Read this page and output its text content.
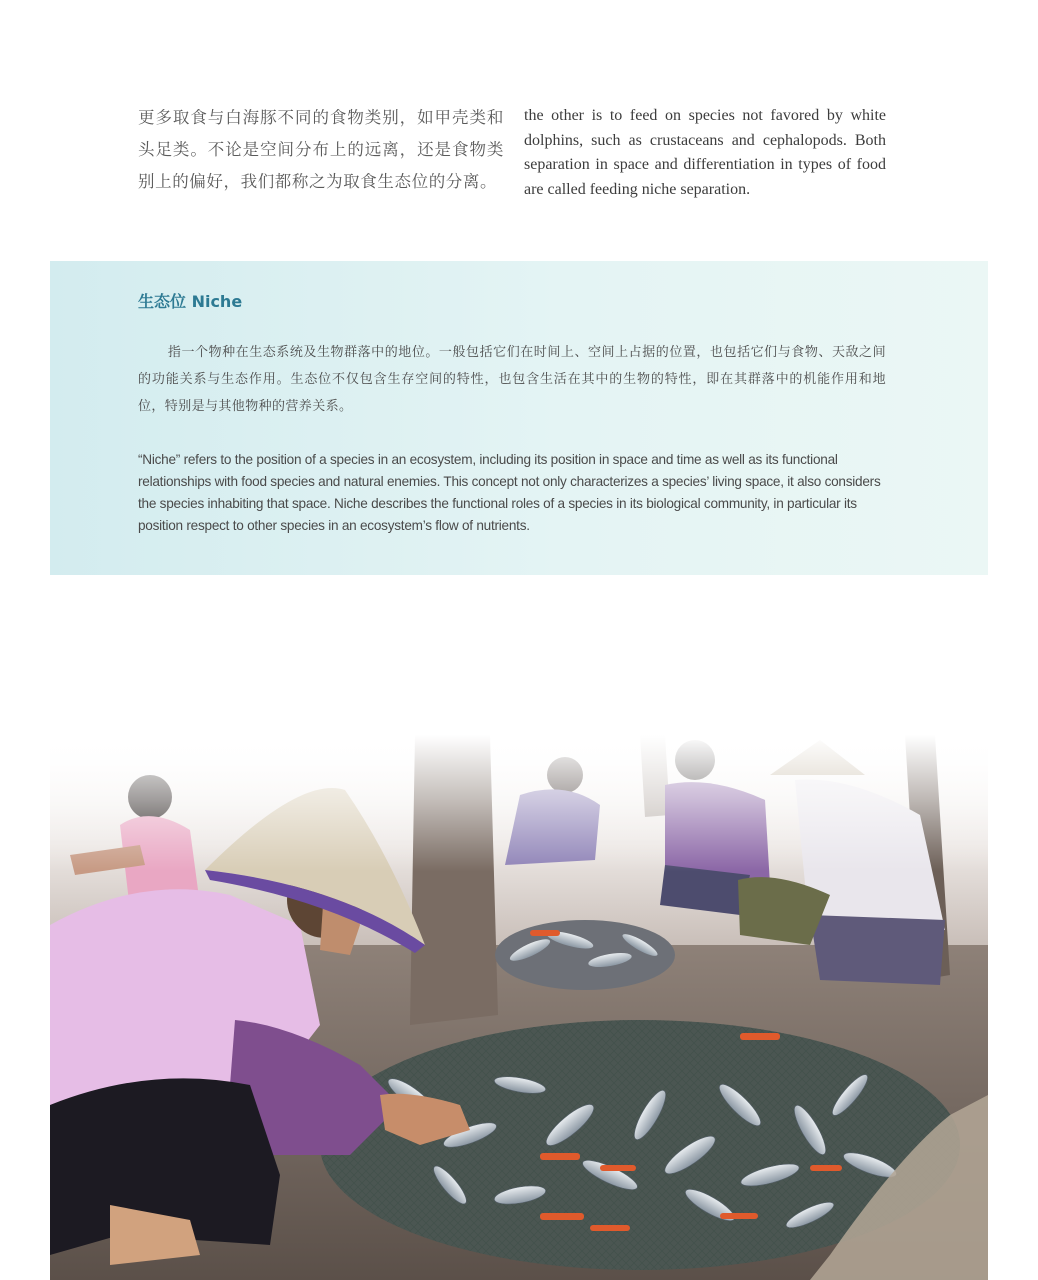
更多取食与白海豚不同的食物类别，如甲壳类和头足类。不论是空间分布上的远离，还是食物类别上的偏好，我们都称之为取食生态位的分离。
the other is to feed on species not favored by white dolphins, such as crustaceans and cephalopods. Both separation in space and differentiation in types of food are called feeding niche separation.
生态位 Niche
指一个物种在生态系统及生物群落中的地位。一般包括它们在时间上、空间上占据的位置，也包括它们与食物、天敌之间的功能关系与生态作用。生态位不仅包含生存空间的特性，也包含生活在其中的生物的特性，即在其群落中的机能作用和地位，特别是与其他物种的营养关系。
“Niche” refers to the position of a species in an ecosystem, including its position in space and time as well as its functional relationships with food species and natural enemies. This concept not only characterizes a species’ living space, it also considers the species inhabiting that space. Niche describes the functional roles of a species in its biological community, in particular its position respect to other species in an ecosystem’s flow of nutrients.
